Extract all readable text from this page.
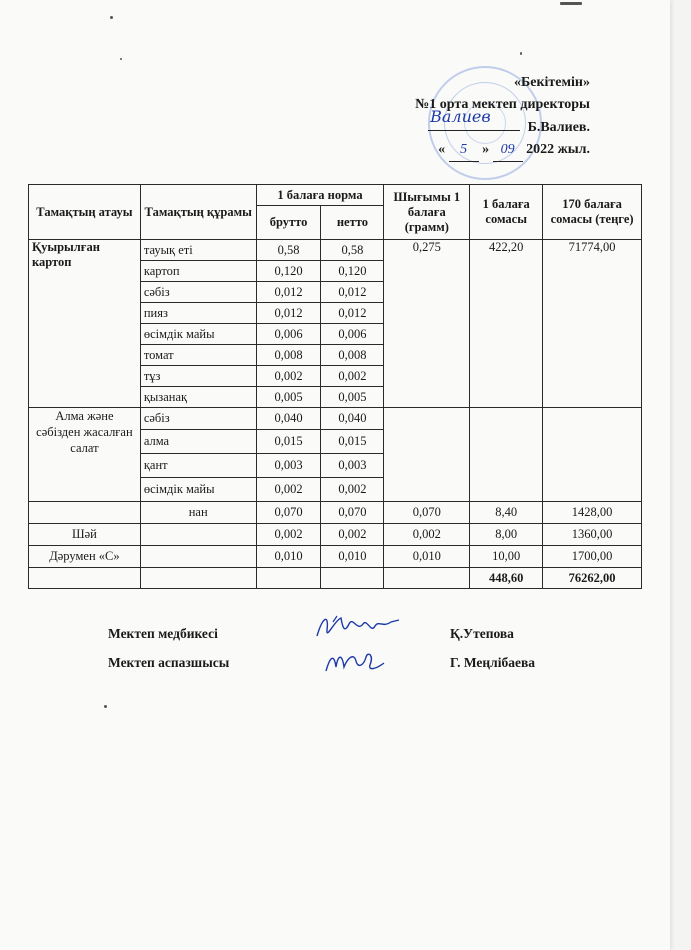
«Бекітемін»
№1 орта мектеп директоры
Валиев
Б.Валиев.
« 5 » 09 2022 жыл.
Тамақтың атауы	Тамақтың құрамы	1 балаға норма		Шығымы 1 балаға (грамм)	1 балаға сомасы	170 балаға сомасы (теңге)
		брутто	нетто			
Қуырылған картоп	тауық еті	0,58	0,58	0,275	422,20	71774,00
	картоп	0,120	0,120			
	сәбіз	0,012	0,012			
	пияз	0,012	0,012			
	өсімдік майы	0,006	0,006			
	томат	0,008	0,008			
	тұз	0,002	0,002			
	қызанақ	0,005	0,005			
Алма және сәбізден жасалған салат	сәбіз	0,040	0,040			
	алма	0,015	0,015			
	қант	0,003	0,003			
	өсімдік майы	0,002	0,002			
	нан	0,070	0,070	0,070	8,40	1428,00
Шәй		0,002	0,002	0,002	8,00	1360,00
Дәрумен «С»		0,010	0,010	0,010	10,00	1700,00
					448,60	76262,00
Мектеп медбикесі	Қ.Утепова
Мектеп аспазшысы	Г. Меңлібаева
